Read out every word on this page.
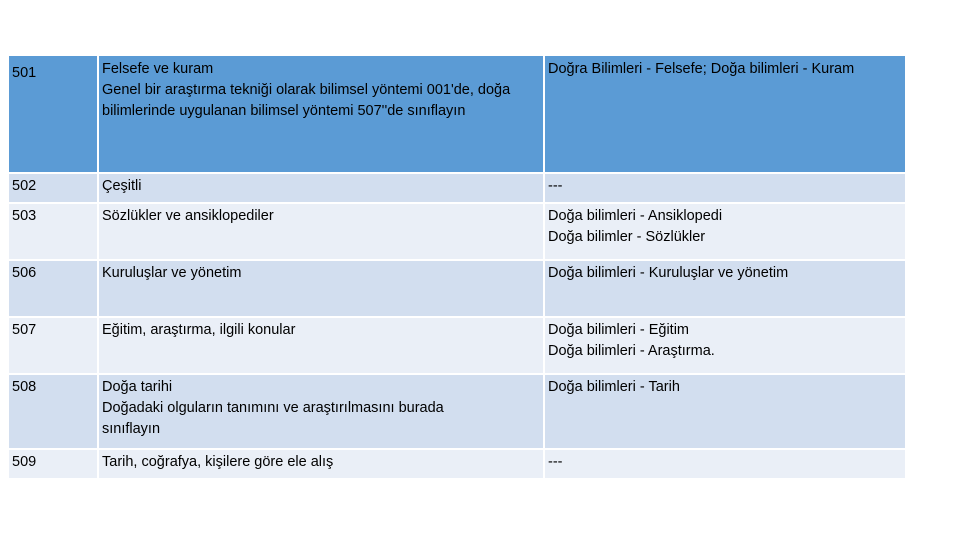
501	Felsefe ve kuram
Genel bir araştırma tekniği olarak bilimsel yöntemi 001'de, doğa bilimlerinde uygulanan bilimsel yöntemi 507''de sınıflayın	Doğra Bilimleri - Felsefe; Doğa bilimleri - Kuram

502	Çeşitli	---

503	Sözlükler ve ansiklopediler	Doğa bilimleri - Ansiklopedi
Doğa bilimler - Sözlükler

506	Kuruluşlar ve yönetim	Doğa bilimleri - Kuruluşlar ve yönetim

507	Eğitim, araştırma, ilgili konular	Doğa bilimleri - Eğitim
Doğa bilimleri - Araştırma.

508	Doğa tarihi
Doğadaki olguların tanımını ve araştırılmasını burada sınıflayın	Doğa bilimleri - Tarih

509	Tarih, coğrafya, kişilere göre ele alış	---
